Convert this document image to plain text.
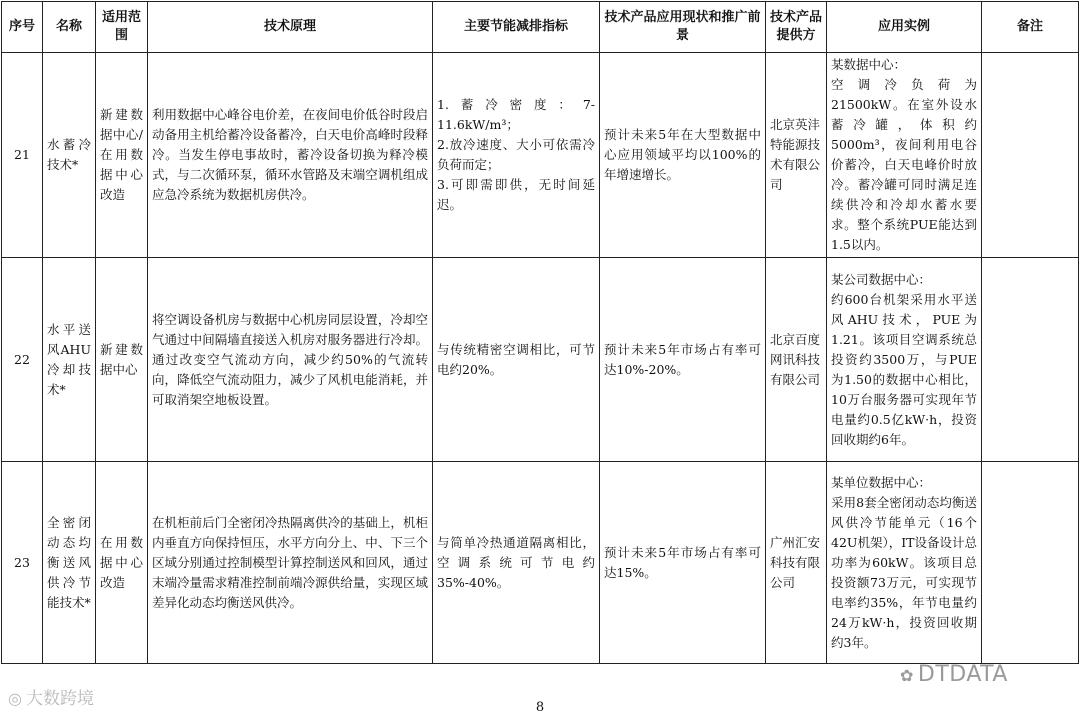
序号	名称	适用范围	技术原理	主要节能减排指标	技术产品应用现状和推广前景	技术产品提供方	应用实例	备注
21	水蓄冷技术*	新建数据中心/在用数据中心改造	利用数据中心峰谷电价差，在夜间电价低谷时段启动备用主机给蓄冷设备蓄冷，白天电价高峰时段释冷。当发生停电事故时，蓄冷设备切换为释冷模式，与二次循环泵，循环水管路及末端空调机组成应急冷系统为数据机房供冷。	1.蓄冷密度：7-11.6kW/m³；
2.放冷速度、大小可依需冷负荷而定；
3.可即需即供，无时间延迟。	预计未来5年在大型数据中心应用领域平均以100%的年增速增长。	北京英沣特能源技术有限公司	某数据中心：
空调冷负荷为21500kW。在室外设水蓄冷罐，体积约5000m³，夜间利用电谷价蓄冷，白天电峰价时放冷。蓄冷罐可同时满足连续供冷和冷却水蓄水要求。整个系统PUE能达到1.5以内。	

22	水平送风AHU冷却技术*	新建数据中心	将空调设备机房与数据中心机房同层设置，冷却空气通过中间隔墙直接送入机房对服务器进行冷却。通过改变空气流动方向，减少约50%的气流转向，降低空气流动阻力，减少了风机电能消耗，并可取消架空地板设置。	与传统精密空调相比，可节电约20%。	预计未来5年市场占有率可达10%-20%。	北京百度网讯科技有限公司	某公司数据中心：
约600台机架采用水平送风AHU技术，PUE为1.21。该项目空调系统总投资约3500万，与PUE为1.50的数据中心相比，10万台服务器可实现年节电量约0.5亿kW·h，投资回收期约6年。	

23	全密闭动态均衡送风供冷节能技术*	在用数据中心改造	在机柜前后门全密闭冷热隔离供冷的基础上，机柜内垂直方向保持恒压，水平方向分上、中、下三个区域分别通过控制模型计算控制送风和回风，通过末端冷量需求精准控制前端冷源供给量，实现区域差异化动态均衡送风供冷。	与简单冷热通道隔离相比，空调系统可节电约35%-40%。	预计未来5年市场占有率可达15%。	广州汇安科技有限公司	某单位数据中心：
采用8套全密闭动态均衡送风供冷节能单元（16个42U机架），IT设备设计总功率为60kW。该项目总投资额73万元，可实现节电率约35%，年节电量约24万kW·h，投资回收期约3年。	

◎ 大数跨境
✿ DTDATA
8
